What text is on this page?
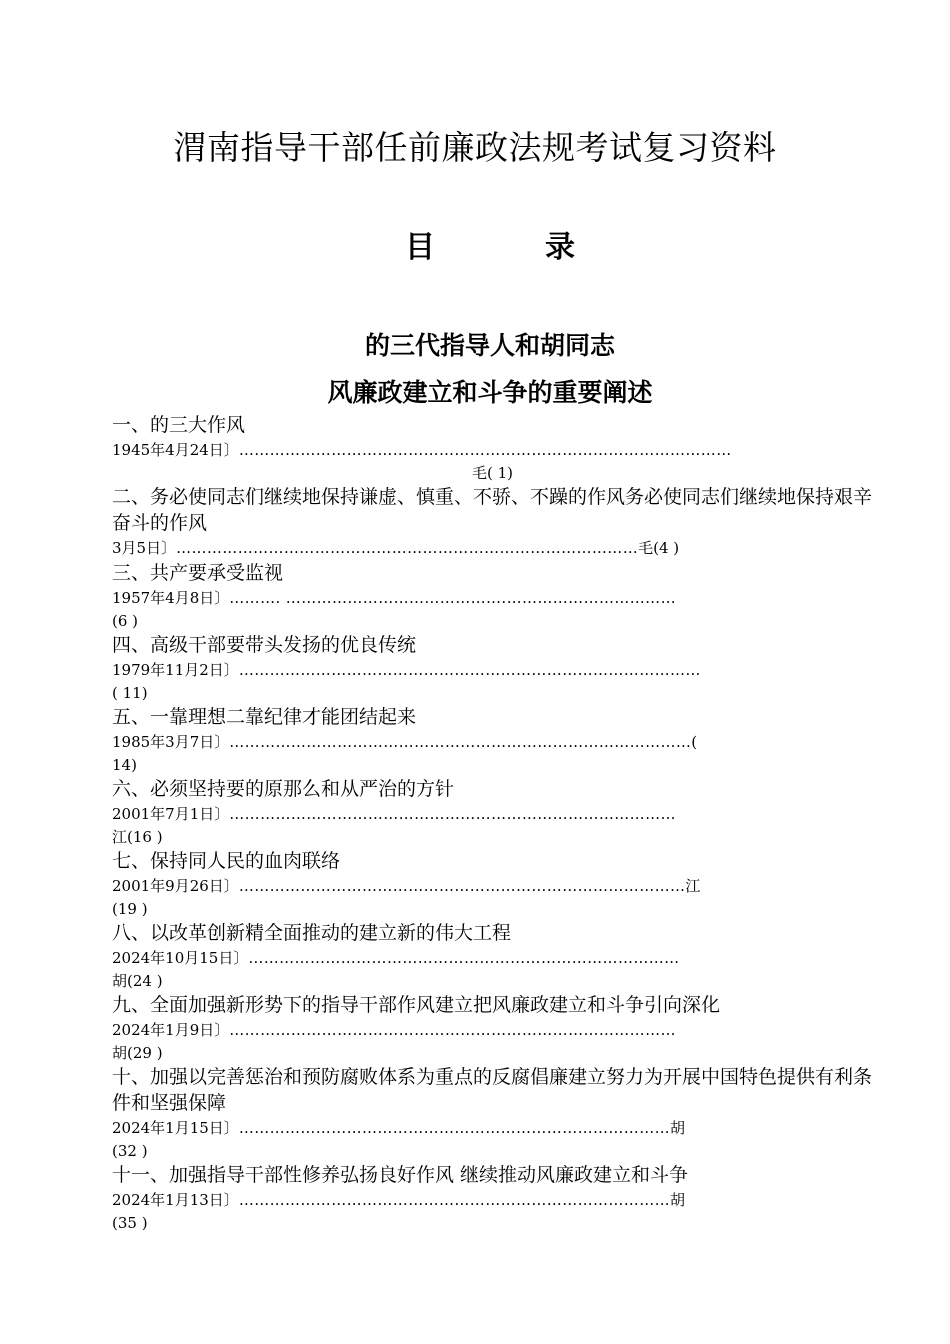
渭南指导干部任前廉政法规考试复习资料
目	录
的三代指导人和胡同志
风廉政建立和斗争的重要阐述
一、的三大作风
1945年4月24日〕……………………………………………………………………………………
毛( 1)
二、务必使同志们继续地保持谦虚、慎重、不骄、不躁的作风务必使同志们继续地保持艰辛奋斗的作风
3月5日〕………………………………………………………………………………毛(4 )
三、共产要承受监视
1957年4月8日〕………. …………………………………….……………………………
(6 )
四、高级干部要带头发扬的优良传统
1979年11月2日〕………………………………………………………………………………
( 11)
五、一靠理想二靠纪律才能团结起来
1985年3月7日〕………………………………………………………………………………(
14)
六、必须坚持要的原那么和从严治的方针
2001年7月1日〕……………………………………………………………………………
江(16 )
七、保持同人民的血肉联络
2001年9月26日〕……………………………………………………………………………江
(19 )
八、以改革创新精全面推动的建立新的伟大工程
2024年10月15日〕…………………………………………………………………………
胡(24 )
九、全面加强新形势下的指导干部作风建立把风廉政建立和斗争引向深化
2024年1月9日〕……………………………………………………………………………
胡(29 )
十、加强以完善惩治和预防腐败体系为重点的反腐倡廉建立努力为开展中国特色提供有利条件和坚强保障
2024年1月15日〕…………………………………………………………………………胡
(32 )
十一、加强指导干部性修养弘扬良好作风 继续推动风廉政建立和斗争
2024年1月13日〕…………………………………………………………………………胡
(35 )
